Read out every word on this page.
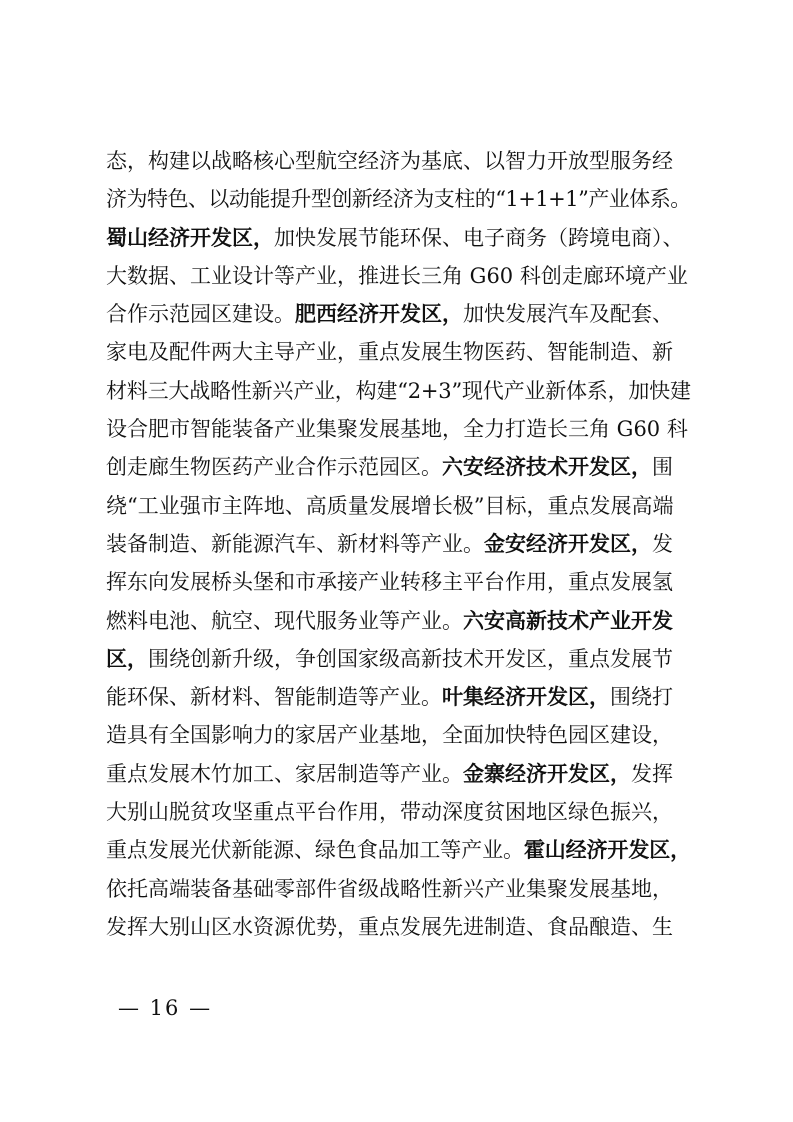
态，构建以战略核心型航空经济为基底、以智力开放型服务经
济为特色、以动能提升型创新经济为支柱的“1+1+1”产业体系。
蜀山经济开发区，加快发展节能环保、电子商务（跨境电商）、
大数据、工业设计等产业，推进长三角 G60 科创走廊环境产业
合作示范园区建设。肥西经济开发区，加快发展汽车及配套、
家电及配件两大主导产业，重点发展生物医药、智能制造、新
材料三大战略性新兴产业，构建“2+3”现代产业新体系，加快建
设合肥市智能装备产业集聚发展基地，全力打造长三角 G60 科
创走廊生物医药产业合作示范园区。六安经济技术开发区，围
绕“工业强市主阵地、高质量发展增长极”目标，重点发展高端
装备制造、新能源汽车、新材料等产业。金安经济开发区，发
挥东向发展桥头堡和市承接产业转移主平台作用，重点发展氢
燃料电池、航空、现代服务业等产业。六安高新技术产业开发
区，围绕创新升级，争创国家级高新技术开发区，重点发展节
能环保、新材料、智能制造等产业。叶集经济开发区，围绕打
造具有全国影响力的家居产业基地，全面加快特色园区建设，
重点发展木竹加工、家居制造等产业。金寨经济开发区，发挥
大别山脱贫攻坚重点平台作用，带动深度贫困地区绿色振兴，
重点发展光伏新能源、绿色食品加工等产业。霍山经济开发区，
依托高端装备基础零部件省级战略性新兴产业集聚发展基地，
发挥大别山区水资源优势，重点发展先进制造、食品酿造、生
— 16 —
